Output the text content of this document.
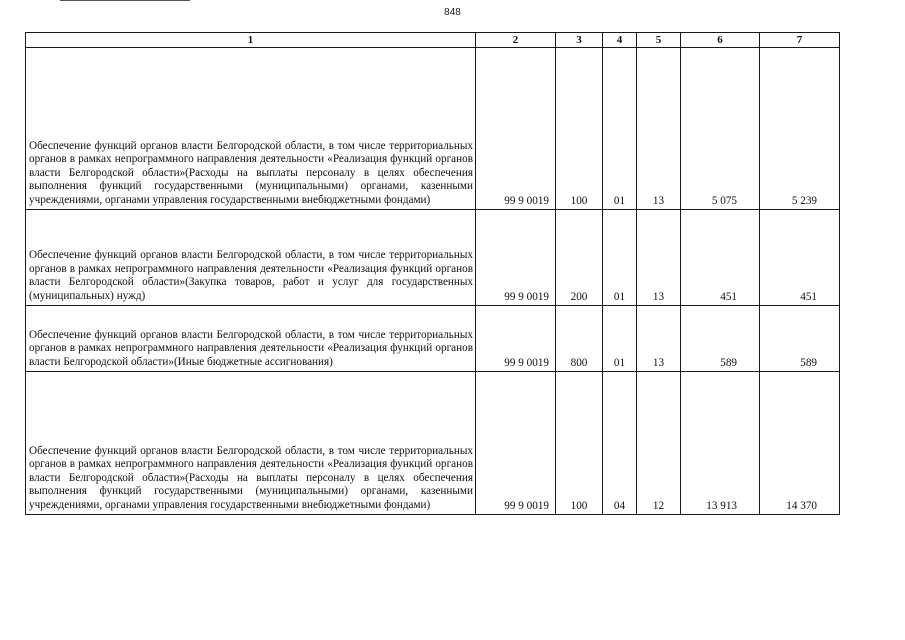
848
1	2	3	4	5	6	7
Обеспечение функций органов власти Белгородской области, в том числе территориальных органов в рамках непрограммного направления деятельности «Реализация функций органов власти Белгородской области»(Расходы на выплаты персоналу в целях обеспечения выполнения функций государственными (муниципальными) органами, казенными учреждениями, органами управления государственными внебюджетными фондами)	99 9 0019	100	01	13	5 075	5 239
Обеспечение функций органов власти Белгородской области, в том числе территориальных органов в рамках непрограммного направления деятельности «Реализация функций органов власти Белгородской области»(Закупка товаров, работ и услуг для государственных (муниципальных) нужд)	99 9 0019	200	01	13	451	451
Обеспечение функций органов власти Белгородской области, в том числе территориальных органов в рамках непрограммного направления деятельности «Реализация функций органов власти Белгородской области»(Иные бюджетные ассигнования)	99 9 0019	800	01	13	589	589
Обеспечение функций органов власти Белгородской области, в том числе территориальных органов в рамках непрограммного направления деятельности «Реализация функций органов власти Белгородской области»(Расходы на выплаты персоналу в целях обеспечения выполнения функций государственными (муниципальными) органами, казенными учреждениями, органами управления государственными внебюджетными фондами)	99 9 0019	100	04	12	13 913	14 370
